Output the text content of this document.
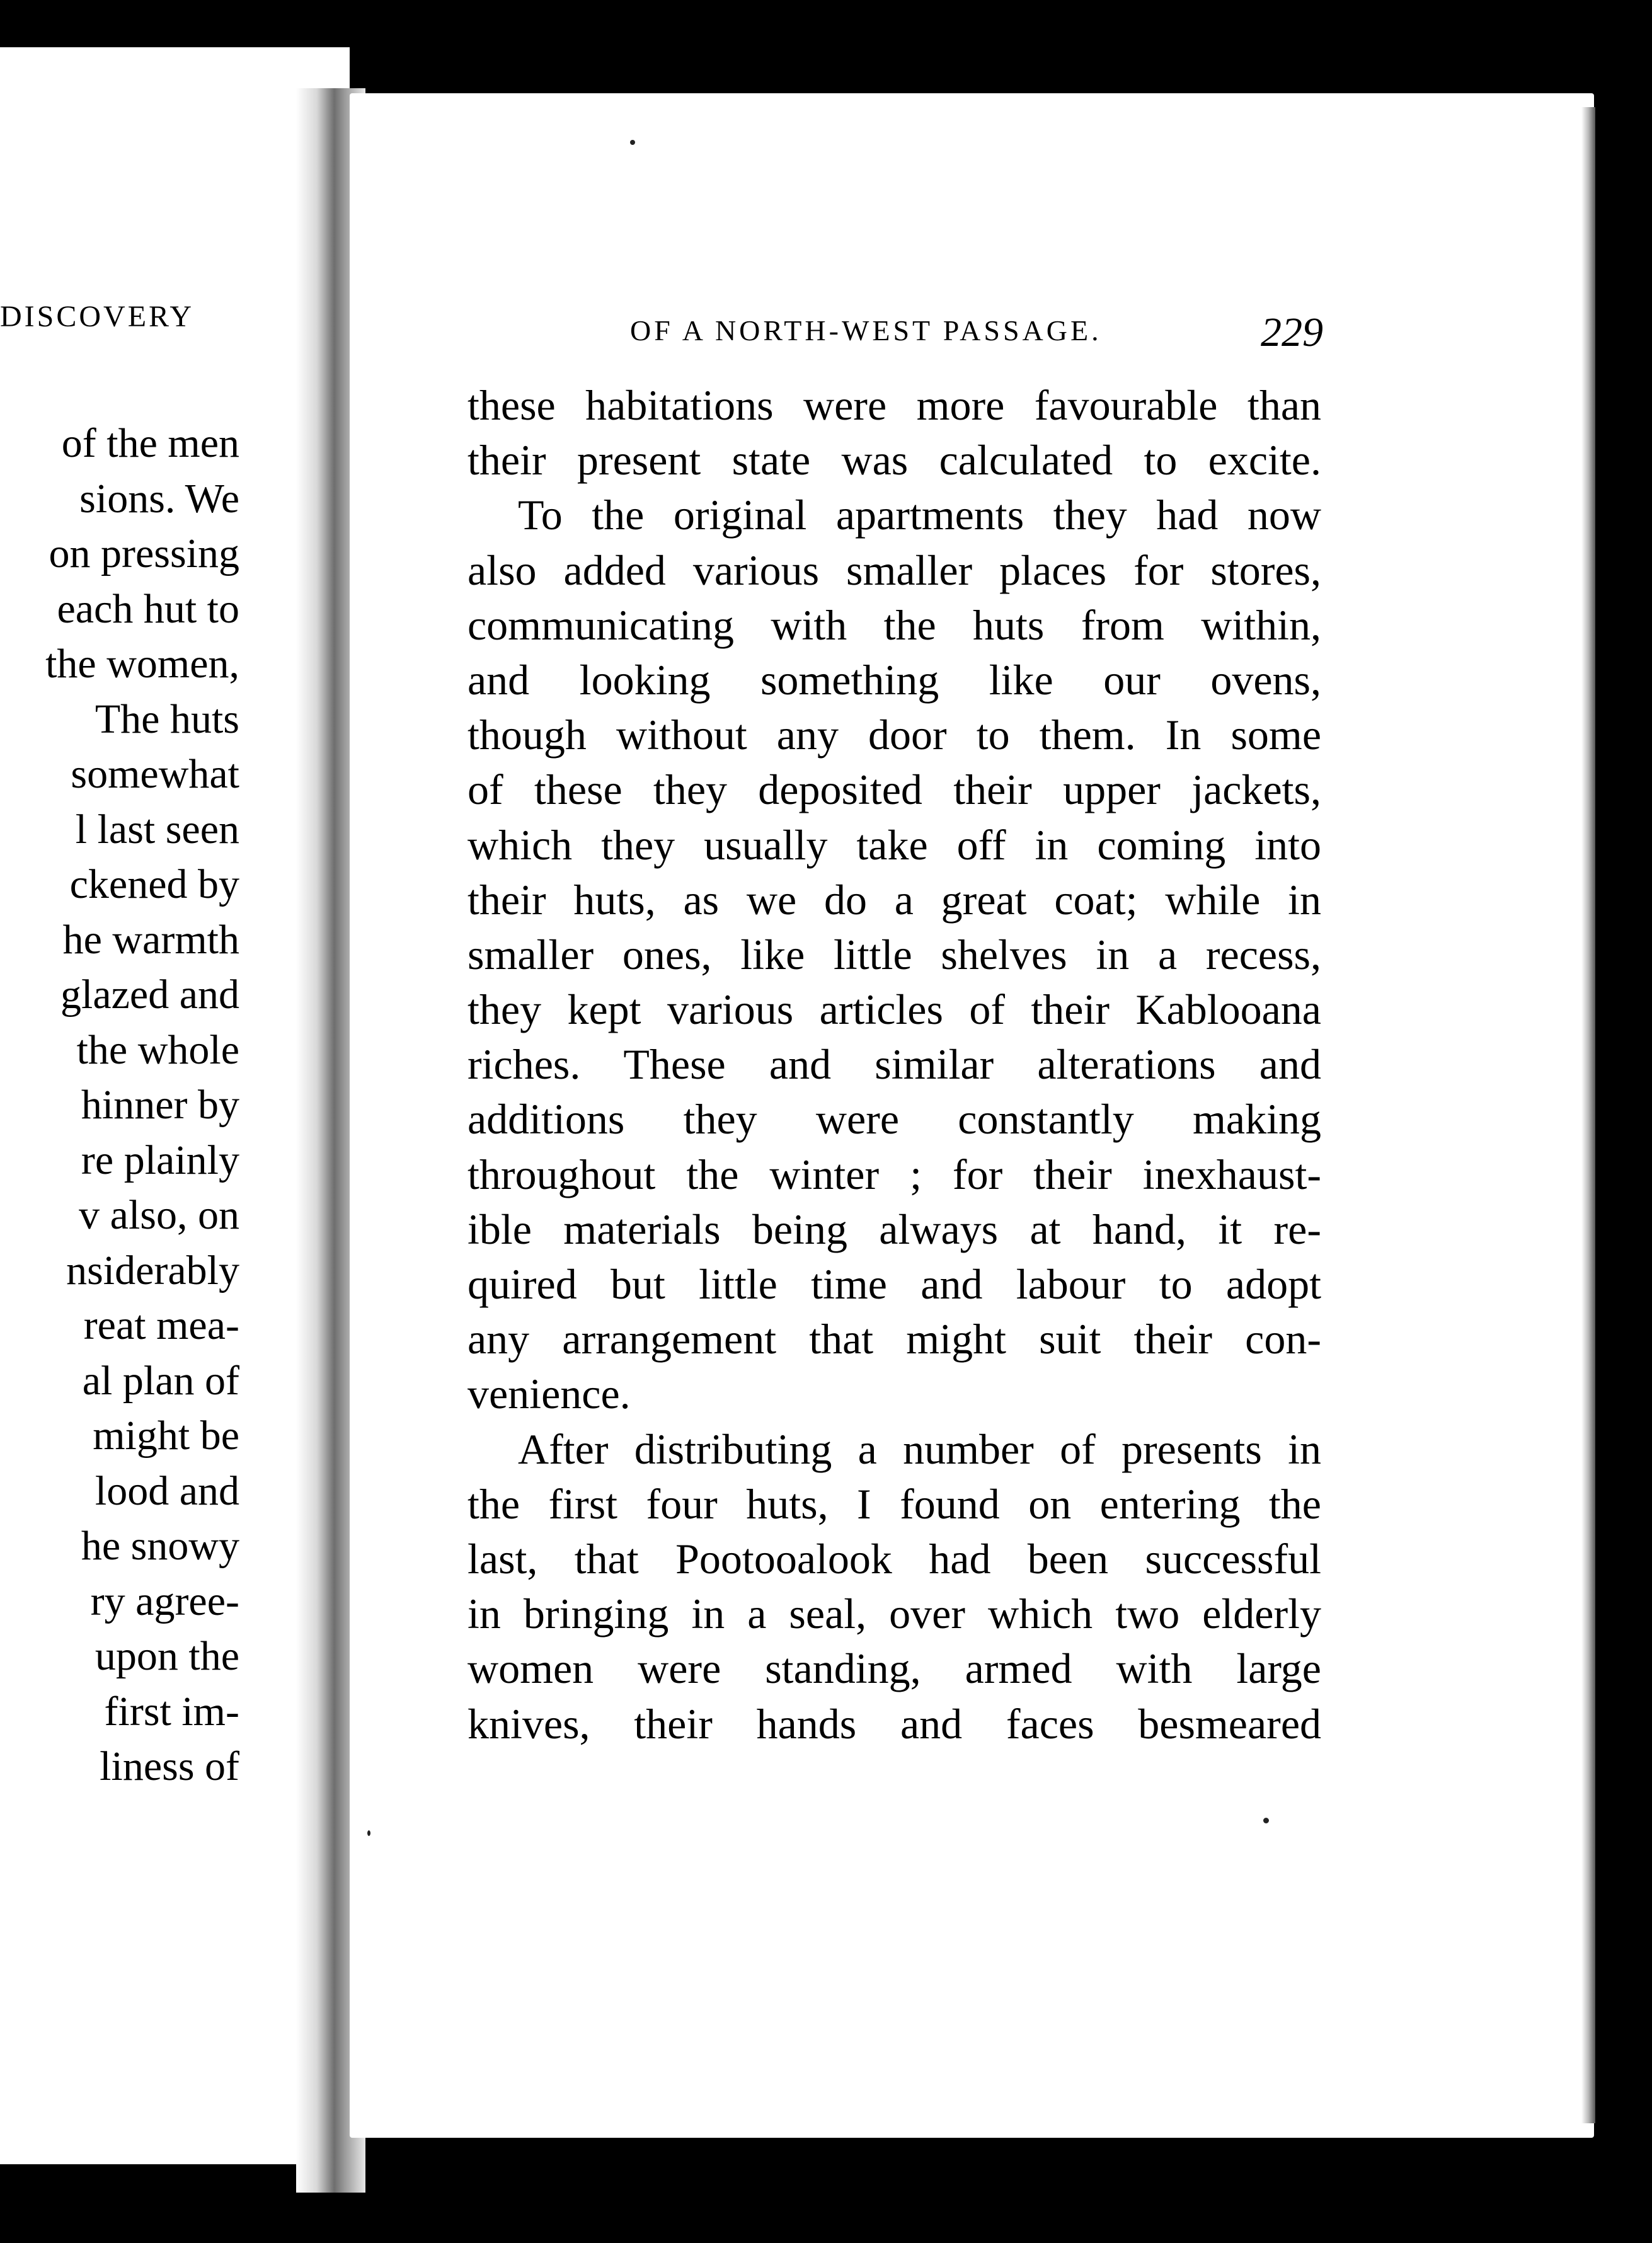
DISCOVERY
of the men
sions. We
on pressing
each hut to
the women,
The huts
somewhat
l last seen
ckened by
he warmth
glazed and
the whole
hinner by
re plainly
v also, on
nsiderably
reat mea-
al plan of
might be
lood and
he snowy
ry agree-
upon the
first im-
liness of
OF A NORTH-WEST PASSAGE.	229
these habitations were more favourable than
their present state was calculated to excite.
To the original apartments they had now
also added various smaller places for stores,
communicating with the huts from within,
and looking something like our ovens,
though without any door to them. In some
of these they deposited their upper jackets,
which they usually take off in coming into
their huts, as we do a great coat; while in
smaller ones, like little shelves in a recess,
they kept various articles of their Kablooana
riches. These and similar alterations and
additions they were constantly making
throughout the winter ; for their inexhaust-
ible materials being always at hand, it re-
quired but little time and labour to adopt
any arrangement that might suit their con-
venience.
After distributing a number of presents in
the first four huts, I found on entering the
last, that Pootooalook had been successful
in bringing in a seal, over which two elderly
women were standing, armed with large
knives, their hands and faces besmeared
